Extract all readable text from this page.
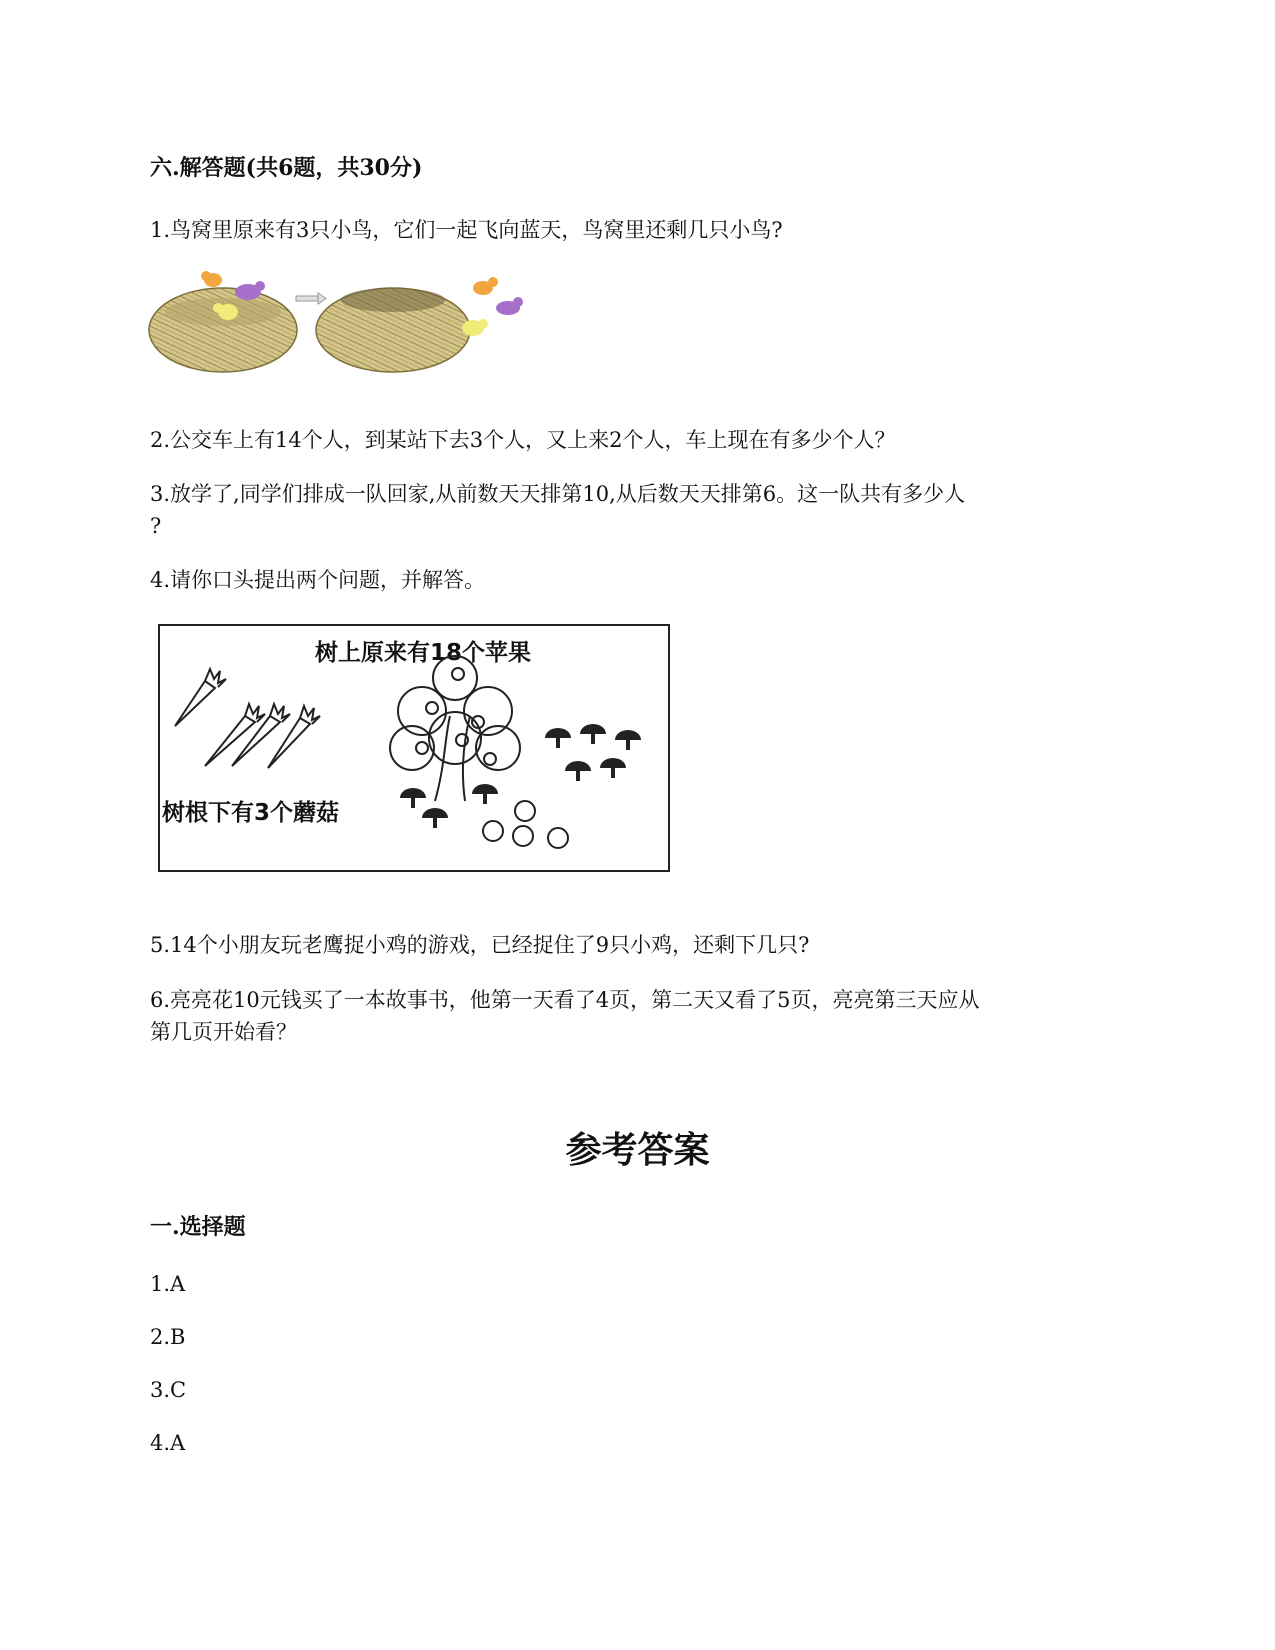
六.解答题(共6题，共30分)
1.鸟窝里原来有3只小鸟，它们一起飞向蓝天，鸟窝里还剩几只小鸟?
2.公交车上有14个人，到某站下去3个人，又上来2个人，车上现在有多少个人？
3.放学了,同学们排成一队回家,从前数天天排第10,从后数天天排第6。这一队共有多少人
?
4.请你口头提出两个问题，并解答。
树上原来有18个苹果
树根下有3个蘑菇
5.14个小朋友玩老鹰捉小鸡的游戏，已经捉住了9只小鸡，还剩下几只?
6.亮亮花10元钱买了一本故事书，他第一天看了4页，第二天又看了5页，亮亮第三天应从
第几页开始看？
参考答案
一.选择题
1.A
2.B
3.C
4.A
